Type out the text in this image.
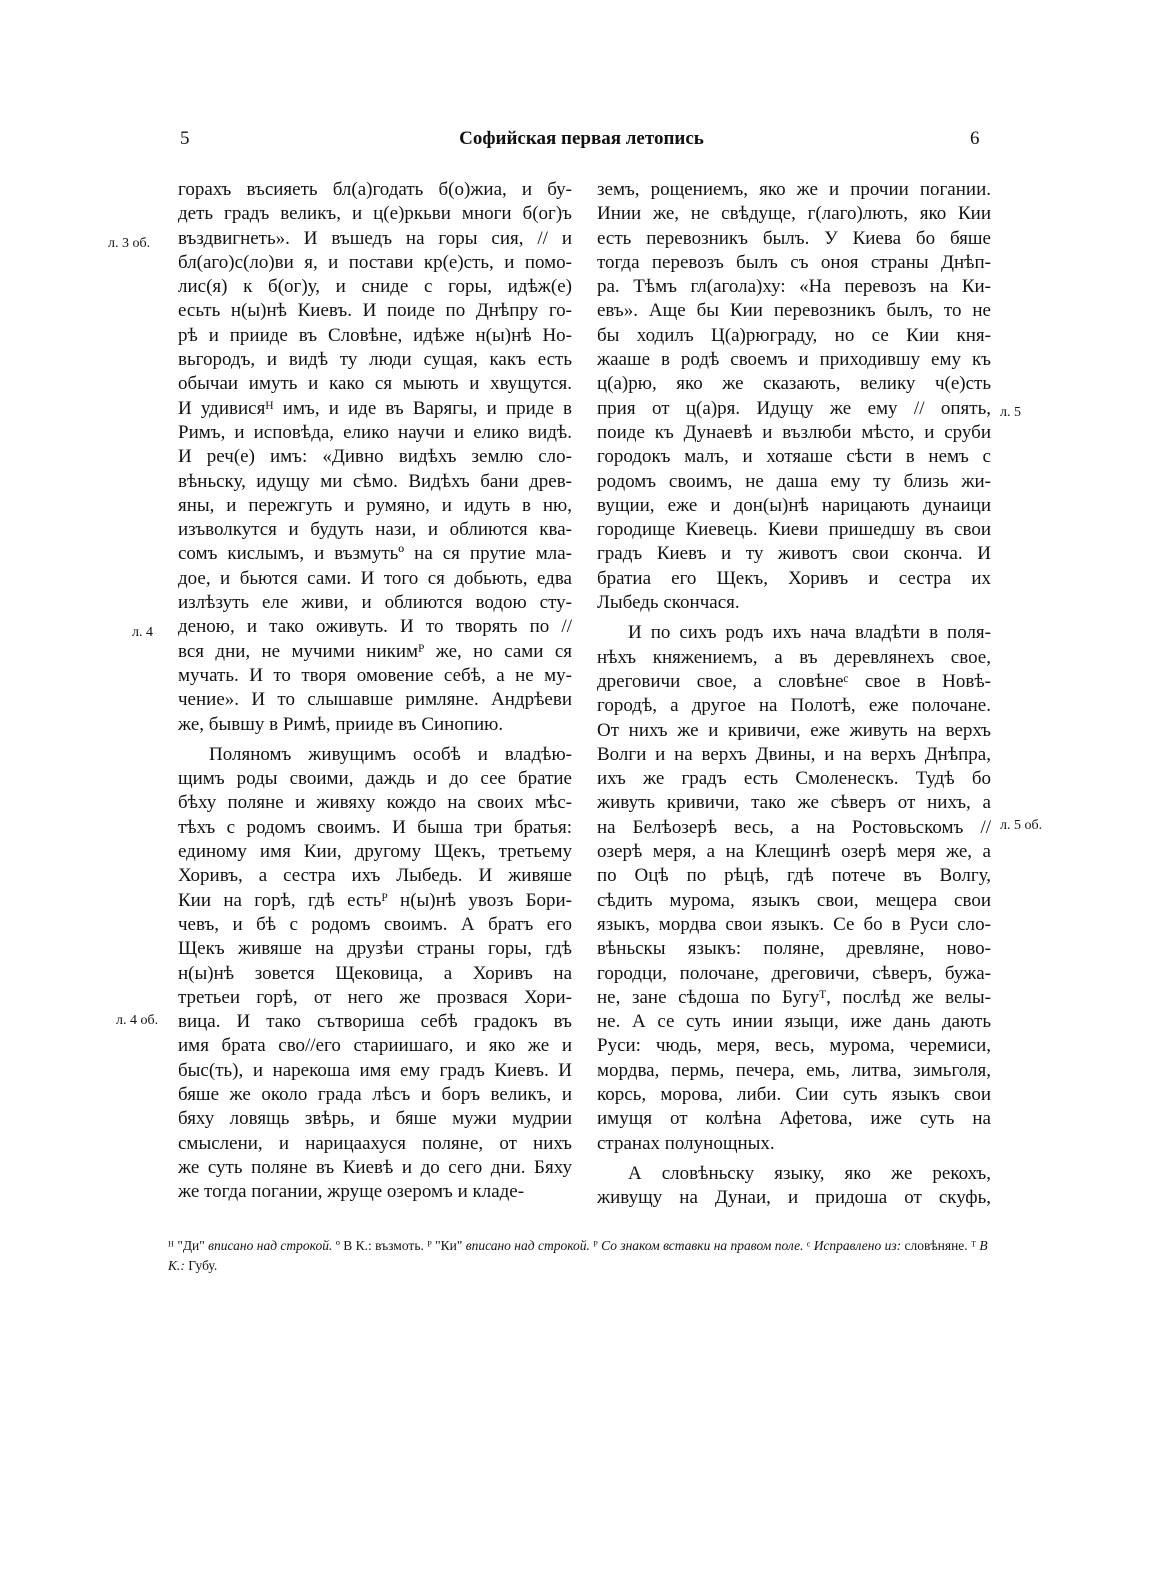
5	Софийская первая летопись	6
горахъ въсияеть бл(а)годать б(о)жиа, и бу-
деть градъ великъ, и ц(е)ркьви многи б(ог)ъ
въздвигнеть». И въшедъ на горы сия, // и
бл(аго)с(ло)ви я, и постави кр(е)сть, и помо-
лис(я) к б(ог)у, и сниде с горы, идѣж(е)
есьть н(ы)нѣ Киевъ. И поиде по Днѣпру го-
рѣ и прииде въ Словѣне, идѣже н(ы)нѣ Но-
вьгородъ, и видѣ ту люди сущая, какъ есть
обычаи имуть и како ся мыють и хвущутся.
И удивисяᴴ имъ, и иде въ Варягы, и приде в
Римъ, и исповѣда, елико научи и елико видѣ.
И реч(е) имъ: «Дивно видѣхъ землю сло-
вѣньску, идущу ми сѣмо. Видѣхъ бани древ-
яны, и пережгуть и румяно, и идуть в ню,
изъволкутся и будуть нази, и облиются ква-
сомъ кислымъ, и възмутьº на ся прутие мла-
дое, и бьются сами. И того ся добьють, едва
излѣзуть еле живи, и облиются водою сту-
деною, и тако оживуть. И то творять по //
вся дни, не мучими никимᴾ же, но сами ся
мучать. И то творя омовение себѣ, а не му-
чение». И то слышавше римляне. Андрѣеви
же, бывшу в Римѣ, прииде въ Синопию.
Поляномъ живущимъ особѣ и владѣю-
щимъ роды своими, даждь и до сее братие
бѣху поляне и живяху кождо на своих мѣс-
тѣхъ с родомъ своимъ. И быша три братья:
единому имя Кии, другому Щекъ, третьему
Хоривъ, а сестра ихъ Лыбедь. И живяше
Кии на горѣ, гдѣ естьᴾ н(ы)нѣ увозъ Бори-
чевъ, и бѣ с родомъ своимъ. А братъ его
Щекъ живяше на друзѣи страны горы, гдѣ
н(ы)нѣ зовется Щековица, а Хоривъ на
третьеи горѣ, от него же прозвася Хори-
вица. И тако сътвориша себѣ градокъ въ
имя брата сво//его стариишаго, и яко же и
быс(ть), и нарекоша имя ему градъ Киевъ. И
бяше же около града лѣсъ и боръ великъ, и
бяху ловящь звѣрь, и бяше мужи мудрии
смыслени, и нарицаахуся поляне, от нихъ
же суть поляне въ Киевѣ и до сего дни. Бяху
же тогда погании, жруще озеромъ и кладе-
земъ, рощениемъ, яко же и прочии погании.
Инии же, не свѣдуще, г(лаго)лють, яко Кии
есть перевозникъ былъ. У Киева бо бяше
тогда перевозъ былъ съ оноя страны Днѣп-
ра. Тѣмъ гл(агола)ху: «На перевозъ на Ки-
евъ». Аще бы Кии перевозникъ былъ, то не
бы ходилъ Ц(а)рюграду, но се Кии кня-
жааше в родѣ своемъ и приходившу ему къ
ц(а)рю, яко же сказають, велику ч(е)сть
прия от ц(а)ря. Идущу же ему // опять,
поиде къ Дунаевѣ и възлюби мѣсто, и сруби
городокъ малъ, и хотяаше сѣсти в немъ с
родомъ своимъ, не даша ему ту близь жи-
вущии, еже и дон(ы)нѣ нарицають дунаици
городище Киевець. Киеви пришедшу въ свои
градъ Киевъ и ту животъ свои скончa. И
братиа его Щекъ, Хоривъ и сестра их
Лыбедь скончася.
И по сихъ родъ ихъ нача владѣти в поля-
нѣхъ княжениемъ, а въ деревлянехъ свое,
дреговичи свое, а словѣнеᶜ свое в Новѣ-
городѣ, а другое на Полотѣ, еже полочане.
От нихъ же и кривичи, еже живуть на верхъ
Волги и на верхъ Двины, и на верхъ Днѣпра,
ихъ же градъ есть Смоленескъ. Тудѣ бо
живуть кривичи, тако же сѣверъ от нихъ, а
на Белѣозерѣ весь, а на Ростовьскомъ //
озерѣ меря, а на Клещинѣ озерѣ меря же, а
по Оцѣ по рѣцѣ, гдѣ потече въ Волгу,
сѣдить мурома, языкъ свои, мещера свои
языкъ, мордва свои языкъ. Се бо в Руси сло-
вѣньскы языкъ: поляне, древляне, ново-
городци, полочане, дреговичи, сѣверъ, бужа-
не, зане сѣдоша по Бугуᵀ, послѣд же велы-
не. А се суть инии языци, иже дань дають
Руси: чюдь, меря, весь, мурома, черемиси,
мордва, пермь, печера, емь, литва, зимьголя,
корсь, морова, либи. Сии суть языкъ свои
имущя от колѣна Афетова, иже суть на
странах полунощных.
А словѣньску языку, яко же рекохъ,
живущу на Дунаи, и придоша от скуфь,
л. 3 об.
л. 4
л. 4 об.
л. 5
л. 5 об.
ᴴ "Ди" вписано над строкой. º В К.: възмоть. ᴾ "Ки" вписано над строкой. ᴾ Со знаком вставки на правом поле. ᶜ Исправлено из: словѣняне. ᵀ В К.: Губу.
